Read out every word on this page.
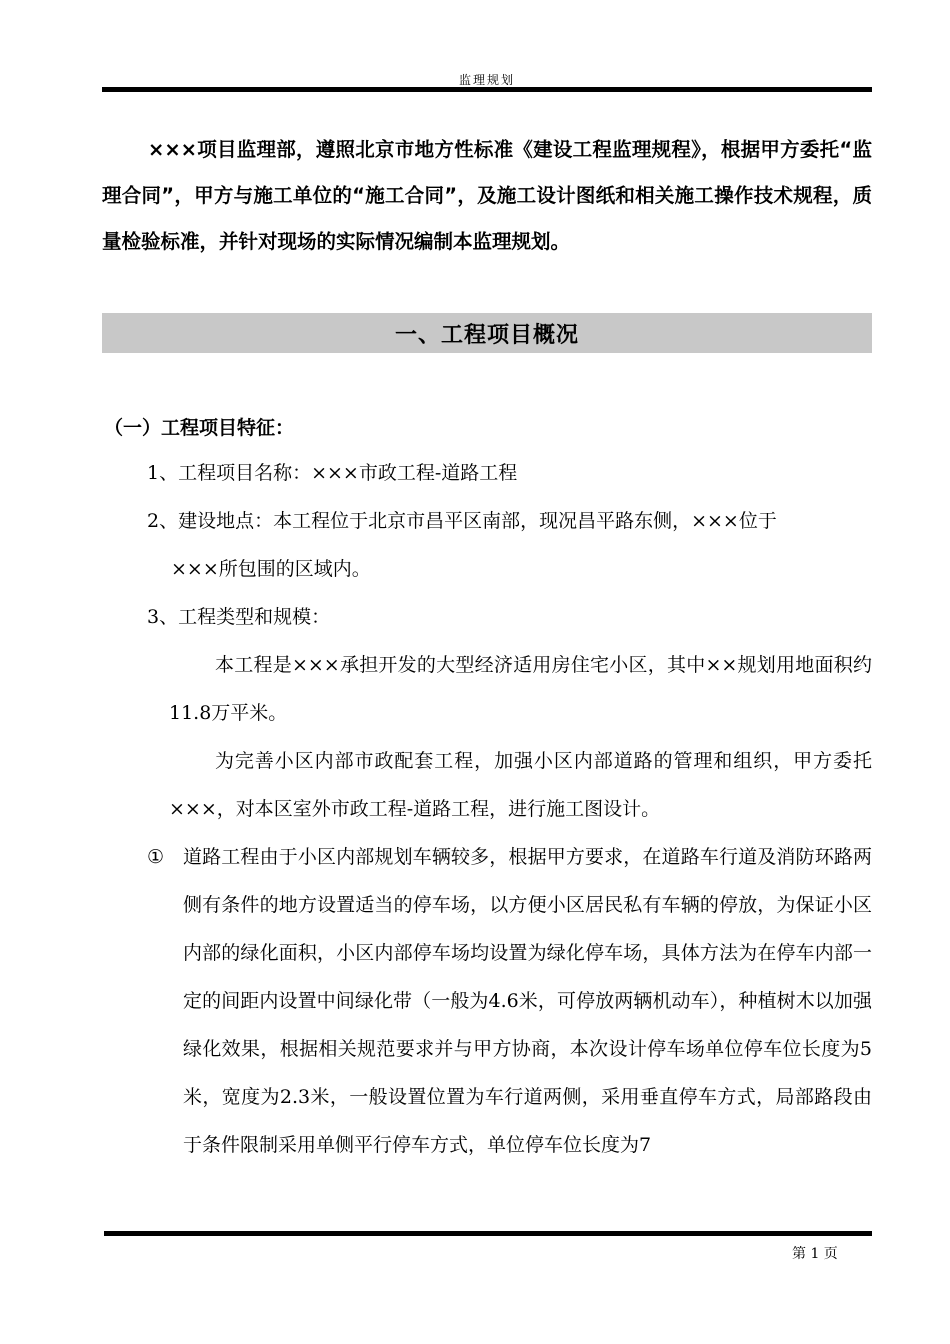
监理规划

×××项目监理部，遵照北京市地方性标准《建设工程监理规程》，根据甲方委托“监理合同”，甲方与施工单位的“施工合同”，及施工设计图纸和相关施工操作技术规程，质量检验标准，并针对现场的实际情况编制本监理规划。

一、工程项目概况
（一）工程项目特征：

1、工程项目名称：×××市政工程-道路工程

2、建设地点：本工程位于北京市昌平区南部，现况昌平路东侧，×××位于
×××所包围的区域内。

3、工程类型和规模：

本工程是×××承担开发的大型经济适用房住宅小区，其中××规划用地面积约11.8万平米。

为完善小区内部市政配套工程，加强小区内部道路的管理和组织，甲方委托×××，对本区室外市政工程-道路工程，进行施工图设计。

① 道路工程由于小区内部规划车辆较多，根据甲方要求，在道路车行道及消防环路两侧有条件的地方设置适当的停车场，以方便小区居民私有车辆的停放，为保证小区内部的绿化面积，小区内部停车场均设置为绿化停车场，具体方法为在停车内部一定的间距内设置中间绿化带（一般为4.6米，可停放两辆机动车），种植树木以加强绿化效果，根据相关规范要求并与甲方协商，本次设计停车场单位停车位长度为5米，宽度为2.3米，一般设置位置为车行道两侧，采用垂直停车方式，局部路段由于条件限制采用单侧平行停车方式，单位停车位长度为7
第 1 页
